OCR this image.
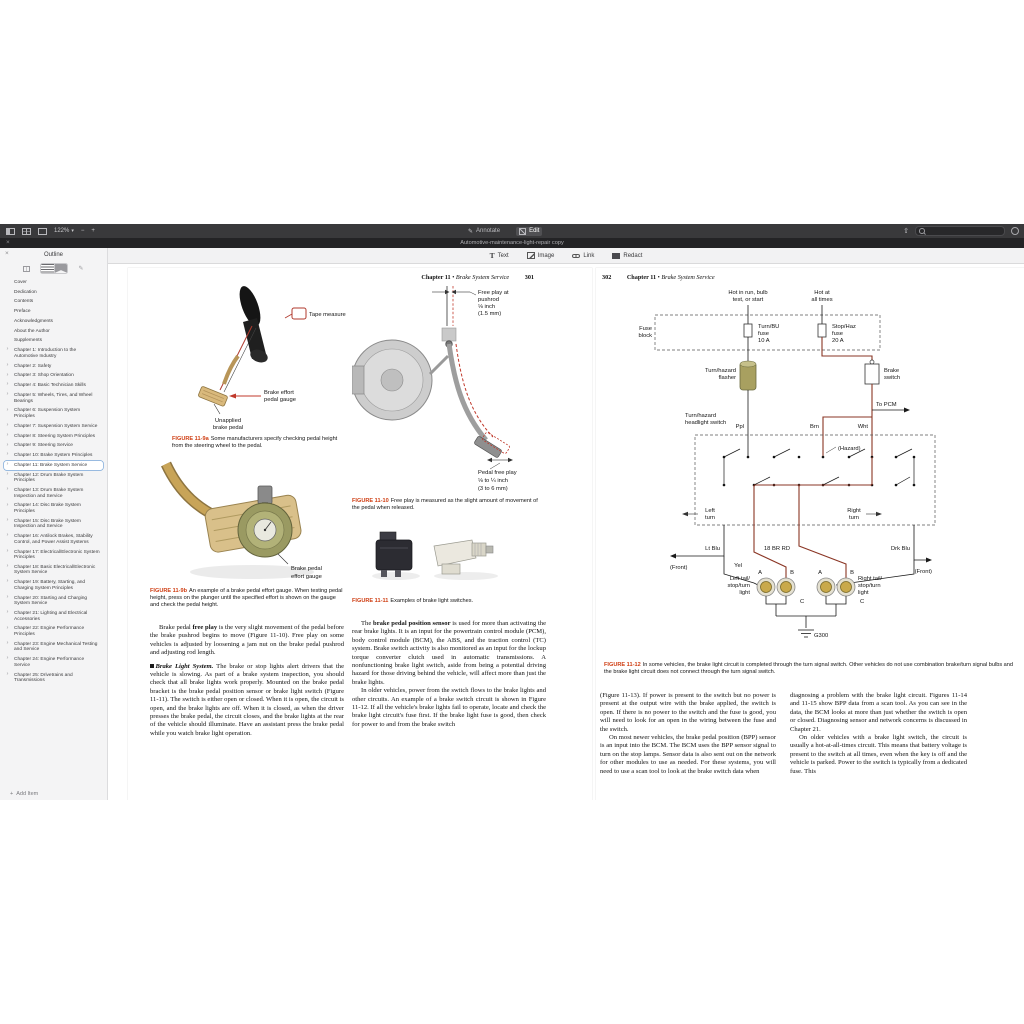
122% ▾ − +	✎ Annotate	Edit	⇧
×	Automotive-maintenance-light-repair copy
×	Outline
✎
Cover
Dedication
Contents
Preface
Acknowledgments
About the Author
Supplements
› Chapter 1: Introduction to the Automotive Industry
› Chapter 2: Safety
› Chapter 3: Shop Orientation
› Chapter 4: Basic Technician Skills
› Chapter 5: Wheels, Tires, and Wheel Bearings
› Chapter 6: Suspension System Principles
› Chapter 7: Suspension System Service
› Chapter 8: Steering System Principles
› Chapter 9: Steering Service
› Chapter 10: Brake System Principles
› Chapter 11: Brake System Service
› Chapter 12: Drum Brake System Principles
› Chapter 13: Drum Brake System Inspection and Service
› Chapter 14: Disc Brake System Principles
› Chapter 15: Disc Brake System Inspection and Service
› Chapter 16: Antilock Brakes, Stability Control, and Power Assist Systems
› Chapter 17: Electrical/Electronic System Principles
› Chapter 18: Basic Electrical/Electronic System Service
› Chapter 19: Battery, Starting, and Charging System Principles
› Chapter 20: Starting and Charging System Service
› Chapter 21: Lighting and Electrical Accessories
› Chapter 22: Engine Performance Principles
› Chapter 23: Engine Mechanical Testing and Service
› Chapter 24: Engine Performance Service
› Chapter 25: Drivetrains and Transmissions
+ Add Item
T Text	Image	Link	Redact
Chapter 11 • Brake System Service	301
Tape measure
Brake effort
pedal gauge
Unapplied
brake pedal
FIGURE 11-9a Some manufacturers specify checking pedal height from the steering wheel to the pedal.
Brake pedal
effort gauge
FIGURE 11-9b An example of a brake pedal effort gauge. When testing pedal height, press on the plunger until the specified effort is shown on the gauge and check the pedal height.

Brake pedal free play is the very slight movement of the pedal before the brake pushrod begins to move (Figure 11-10). Free play on some vehicles is adjusted by loosening a jam nut on the brake pedal pushrod and adjusting rod length.

Brake Light System. The brake or stop lights alert drivers that the vehicle is slowing. As part of a brake system inspection, you should check that all brake lights work properly. Mounted on the brake pedal bracket is the brake pedal position sensor or brake light switch (Figure 11-11). The switch is either open or closed. When it is open, the circuit is open, and the brake lights are off. When it is closed, as when the driver presses the brake pedal, the circuit closes, and the brake lights at the rear of the vehicle should illuminate. Have an assistant press the brake pedal while you watch brake light operation.

Free play at
pushrod
⅛ inch
(1.5 mm)
Pedal free play
⅛ to ¼ inch
(3 to 6 mm)
FIGURE 11-10 Free play is measured as the slight amount of movement of the pedal when released.
FIGURE 11-11 Examples of brake light switches.

The brake pedal position sensor is used for more than activating the rear brake lights. It is an input for the powertrain control module (PCM), body control module (BCM), the ABS, and the traction control (TC) system. Brake switch activity is also monitored as an input for the lockup torque converter clutch used in automatic transmissions. A nonfunctioning brake light switch, aside from being a potential driving hazard for those driving behind the vehicle, will affect more than just the brake lights.

In older vehicles, power from the switch flows to the brake lights and other circuits. An example of a brake switch circuit is shown in Figure 11-12. If all the vehicle's brake lights fail to operate, locate and check the brake light circuit's fuse first. If the brake light fuse is good, then check for power to and from the brake switch

302	Chapter 11 • Brake System Service
Hot in run, bulb
test, or start
Hot at
all times
Fuse
block
Turn/BU
fuse
10 A
Stop/Haz
fuse
20 A
Turn/hazard
flasher
Ppl
Brake
switch
To PCM
Brn	Wht
Turn/hazard
headlight switch
(Hazard)
Left
turn
Right
turn
Lt Blu
(Front)	Yel
18 BR RD	Drk Blu
(Front)
A	B
C
A	B
C
Left tail/
stop/turn
light
Right tail/
stop/turn
light
G300
FIGURE 11-12 In some vehicles, the brake light circuit is completed through the turn signal switch. Other vehicles do not use combination brake/turn signal bulbs and the brake light circuit does not connect through the turn signal switch.

(Figure 11-13). If power is present to the switch but no power is present at the output wire with the brake applied, the switch is open. If there is no power to the switch and the fuse is good, you will need to look for an open in the wiring between the fuse and the switch.

On most newer vehicles, the brake pedal position (BPP) sensor is an input into the BCM. The BCM uses the BPP sensor signal to turn on the stop lamps. Sensor data is also sent out on the network for other modules to use as needed. For these systems, you will need to use a scan tool to look at the brake switch data when

diagnosing a problem with the brake light circuit. Figures 11-14 and 11-15 show BPP data from a scan tool. As you can see in the data, the BCM looks at more than just whether the switch is open or closed. Diagnosing sensor and network concerns is discussed in Chapter 21.

On older vehicles with a brake light switch, the circuit is usually a hot-at-all-times circuit. This means that battery voltage is present to the switch at all times, even when the key is off and the vehicle is parked. Power to the switch is typically from a dedicated fuse. This
